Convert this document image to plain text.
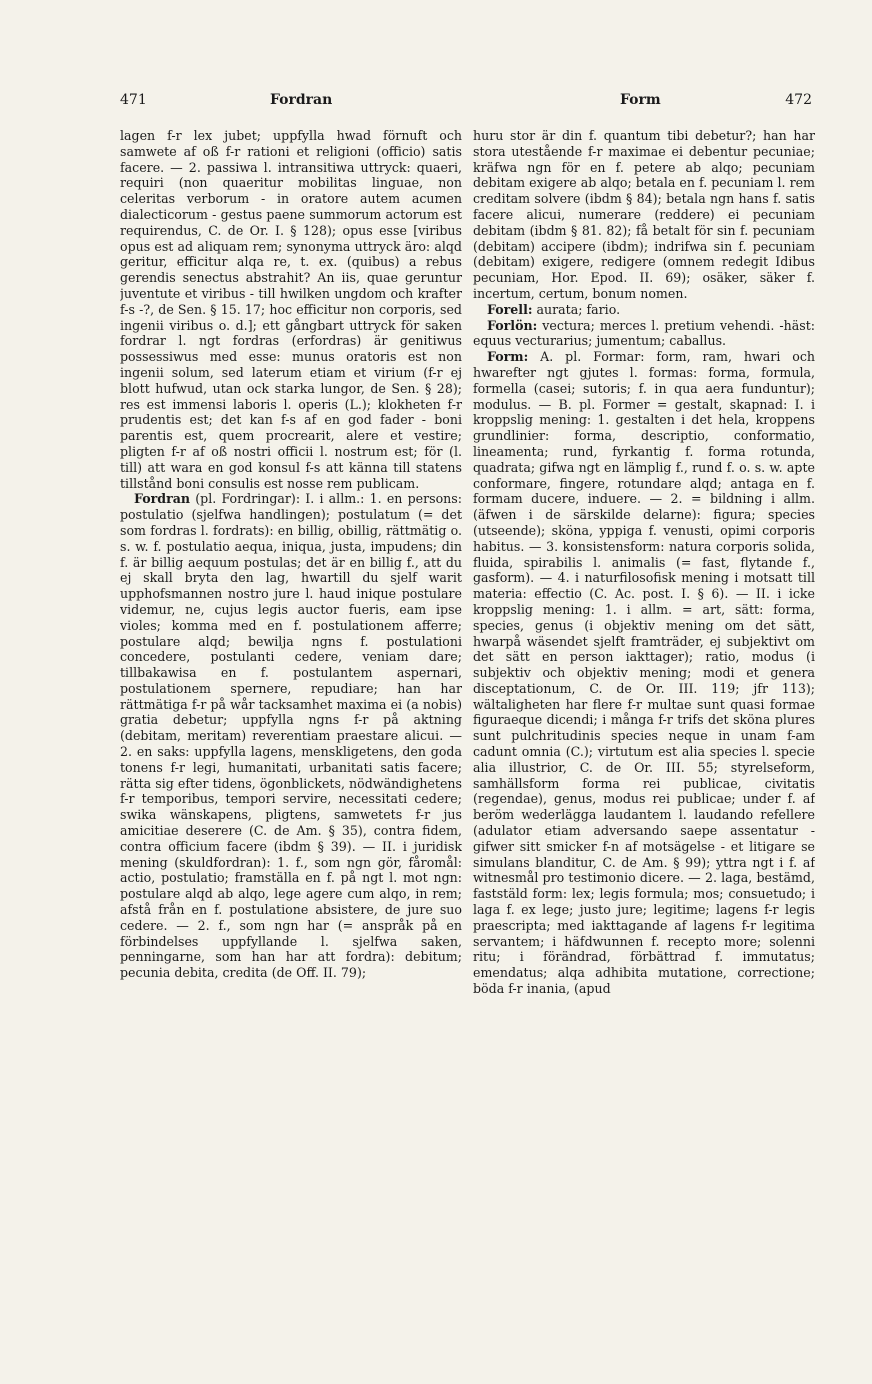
471	Fordran	Form	472

lagen f-r lex jubet; uppfylla hwad förnuft och samwete af oß f-r rationi et religioni (officio) satis facere. — 2. passiwa l. intransitiwa uttryck: quaeri, requiri (non quaeritur mobilitas linguae, non celeritas verborum - in oratore autem acumen dialecticorum - gestus paene summorum actorum est requirendus, C. de Or. I. § 128); opus esse [viribus opus est ad aliquam rem; synonyma uttryck äro: alqd geritur, efficitur alqa re, t. ex. (quibus) a rebus gerendis senectus abstrahit? An iis, quae geruntur juventute et viribus - till hwilken ungdom och krafter f-s -?, de Sen. § 15. 17; hoc efficitur non corporis, sed ingenii viribus o. d.]; ett gångbart uttryck för saken fordrar l. ngt fordras (erfordras) är genitiwus possessiwus med esse: munus oratoris est non ingenii solum, sed laterum etiam et virium (f-r ej blott hufwud, utan ock starka lungor, de Sen. § 28); res est immensi laboris l. operis (L.); klokheten f-r prudentis est; det kan f-s af en god fader - boni parentis est, quem procrearit, alere et vestire; pligten f-r af oß nostri officii l. nostrum est; för (l. till) att wara en god konsul f-s att känna till statens tillstånd boni consulis est nosse rem publicam.

Fordran (pl. Fordringar): I. i allm.: 1. en persons: postulatio (sjelfwa handlingen); postulatum (= det som fordras l. fordrats): en billig, obillig, rättmätig o. s. w. f. postulatio aequa, iniqua, justa, impudens; din f. är billig aequum postulas; det är en billig f., att du ej skall bryta den lag, hwartill du sjelf warit upphofsmannen nostro jure l. haud inique postulare videmur, ne, cujus legis auctor fueris, eam ipse violes; komma med en f. postulationem afferre; postulare alqd; bewilja ngns f. postulationi concedere, postulanti cedere, veniam dare; tillbakawisa en f. postulantem aspernari, postulationem spernere, repudiare; han har rättmätiga f-r på wår tacksamhet maxima ei (a nobis) gratia debetur; uppfylla ngns f-r på aktning (debitam, meritam) reverentiam praestare alicui. — 2. en saks: uppfylla lagens, menskligetens, den goda tonens f-r legi, humanitati, urbanitati satis facere; rätta sig efter tidens, ögonblickets, nödwändighetens f-r temporibus, tempori servire, necessitati cedere; swika wänskapens, pligtens, samwetets f-r jus amicitiae deserere (C. de Am. § 35), contra fidem, contra officium facere (ibdm § 39). — II. i juridisk mening (skuldfordran): 1. f., som ngn gör, fåromål: actio, postulatio; framställa en f. på ngt l. mot ngn: postulare alqd ab alqo, lege agere cum alqo, in rem; afstå från en f. postulatione absistere, de jure suo cedere. — 2. f., som ngn har (= anspråk på en förbindelses uppfyllande l. sjelfwa saken, penningarne, som han har att fordra): debitum; pecunia debita, credita (de Off. II. 79);

huru stor är din f. quantum tibi debetur?; han har stora utestående f-r maximae ei debentur pecuniae; kräfwa ngn för en f. petere ab alqo; pecuniam debitam exigere ab alqo; betala en f. pecuniam l. rem creditam solvere (ibdm § 84); betala ngn hans f. satis facere alicui, numerare (reddere) ei pecuniam debitam (ibdm § 81. 82); få betalt för sin f. pecuniam (debitam) accipere (ibdm); indrifwa sin f. pecuniam (debitam) exigere, redigere (omnem redegit Idibus pecuniam, Hor. Epod. II. 69); osäker, säker f. incertum, certum, bonum nomen.

Forell: aurata; fario.

Forlön: vectura; merces l. pretium vehendi. -häst: equus vecturarius; jumentum; caballus.

Form: A. pl. Formar: form, ram, hwari och hwarefter ngt gjutes l. formas: forma, formula, formella (casei; sutoris; f. in qua aera funduntur); modulus. — B. pl. Former = gestalt, skapnad: I. i kroppslig mening: 1. gestalten i det hela, kroppens grundlinier: forma, descriptio, conformatio, lineamenta; rund, fyrkantig f. forma rotunda, quadrata; gifwa ngt en lämplig f., rund f. o. s. w. apte conformare, fingere, rotundare alqd; antaga en f. formam ducere, induere. — 2. = bildning i allm. (äfwen i de särskilde delarne): figura; species (utseende); sköna, yppiga f. venusti, opimi corporis habitus. — 3. konsistensform: natura corporis solida, fluida, spirabilis l. animalis (= fast, flytande f., gasform). — 4. i naturfilosofisk mening i motsatt till materia: effectio (C. Ac. post. I. § 6). — II. i icke kroppslig mening: 1. i allm. = art, sätt: forma, species, genus (i objektiv mening om det sätt, hwarpå wäsendet sjelft framträder, ej subjektivt om det sätt en person iakttager); ratio, modus (i subjektiv och objektiv mening; modi et genera disceptationum, C. de Or. III. 119; jfr 113); wältaligheten har flere f-r multae sunt quasi formae figuraeque dicendi; i många f-r trifs det sköna plures sunt pulchritudinis species neque in unam f-am cadunt omnia (C.); virtutum est alia species l. specie alia illustrior, C. de Or. III. 55; styrelseform, samhällsform forma rei publicae, civitatis (regendae), genus, modus rei publicae; under f. af beröm wederlägga laudantem l. laudando refellere (adulator etiam adversando saepe assentatur - gifwer sitt smicker f-n af motsägelse - et litigare se simulans blanditur, C. de Am. § 99); yttra ngt i f. af witnesmål pro testimonio dicere. — 2. laga, bestämd, faststäld form: lex; legis formula; mos; consuetudo; i laga f. ex lege; justo jure; legitime; lagens f-r legis praescripta; med iakttagande af lagens f-r legitima servantem; i häfdwunnen f. recepto more; solenni ritu; i förändrad, förbättrad f. immutatus; emendatus; alqa adhibita mutatione, correctione; böda f-r inania, (apud
